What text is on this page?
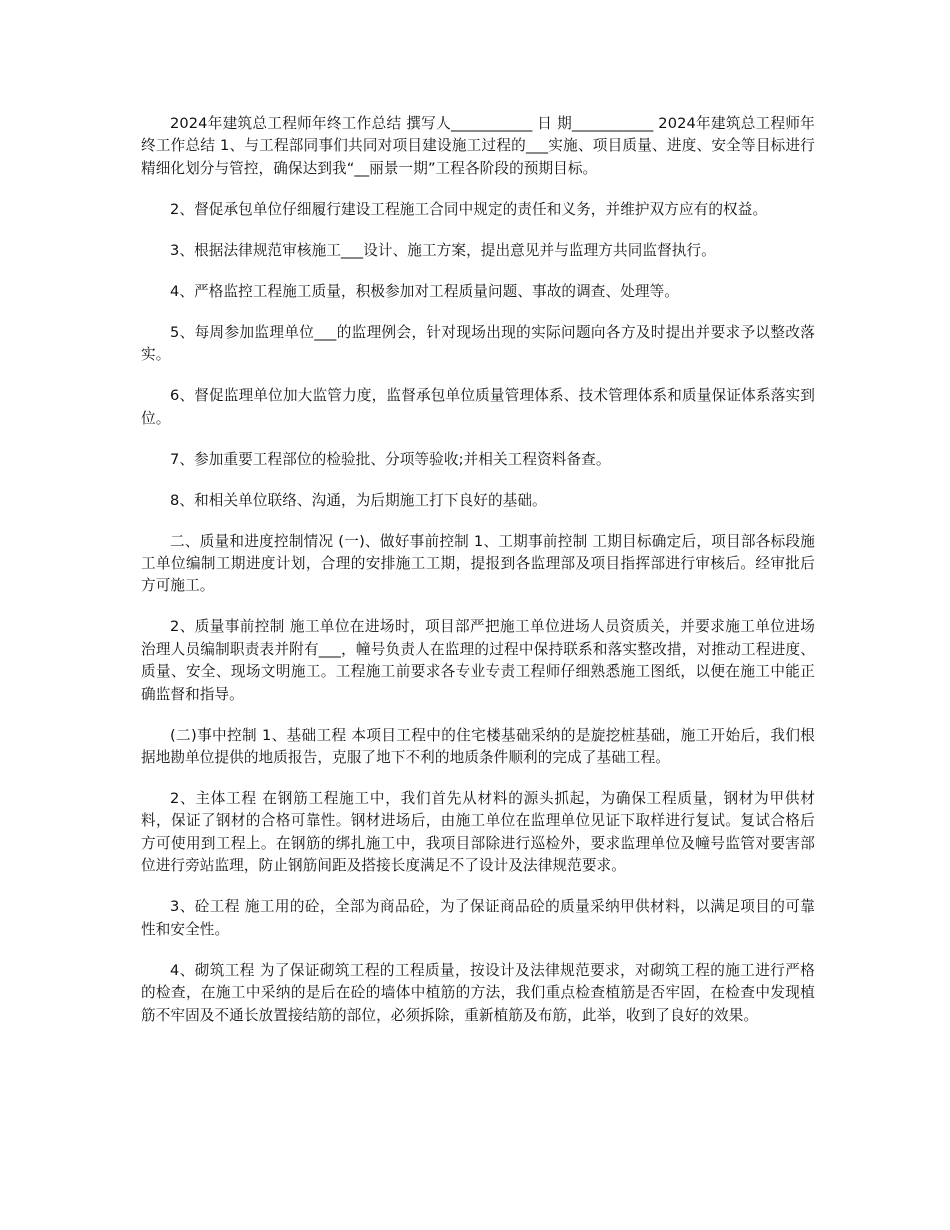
2024年建筑总工程师年终工作总结 撰写人___________ 日 期___________ 2024年建筑总工程师年终工作总结 1、与工程部同事们共同对项目建设施工过程的___实施、项目质量、进度、安全等目标进行精细化划分与管控，确保达到我“__丽景一期”工程各阶段的预期目标。

2、督促承包单位仔细履行建设工程施工合同中规定的责任和义务，并维护双方应有的权益。

3、根据法律规范审核施工___设计、施工方案，提出意见并与监理方共同监督执行。

4、严格监控工程施工质量，积极参加对工程质量问题、事故的调查、处理等。

5、每周参加监理单位___的监理例会，针对现场出现的实际问题向各方及时提出并要求予以整改落实。

6、督促监理单位加大监管力度，监督承包单位质量管理体系、技术管理体系和质量保证体系落实到位。

7、参加重要工程部位的检验批、分项等验收;并相关工程资料备查。

8、和相关单位联络、沟通，为后期施工打下良好的基础。

二、质量和进度控制情况 (一)、做好事前控制 1、工期事前控制 工期目标确定后，项目部各标段施工单位编制工期进度计划，合理的安排施工工期，提报到各监理部及项目指挥部进行审核后。经审批后方可施工。

2、质量事前控制 施工单位在进场时，项目部严把施工单位进场人员资质关，并要求施工单位进场治理人员编制职责表并附有___，幢号负责人在监理的过程中保持联系和落实整改措，对推动工程进度、质量、安全、现场文明施工。工程施工前要求各专业专责工程师仔细熟悉施工图纸，以便在施工中能正确监督和指导。

(二)事中控制 1、基础工程 本项目工程中的住宅楼基础采纳的是旋挖桩基础，施工开始后，我们根据地勘单位提供的地质报告，克服了地下不利的地质条件顺利的完成了基础工程。

2、主体工程 在钢筋工程施工中，我们首先从材料的源头抓起，为确保工程质量，钢材为甲供材料，保证了钢材的合格可靠性。钢材进场后，由施工单位在监理单位见证下取样进行复试。复试合格后方可使用到工程上。在钢筋的绑扎施工中，我项目部除进行巡检外，要求监理单位及幢号监管对要害部位进行旁站监理，防止钢筋间距及搭接长度满足不了设计及法律规范要求。

3、砼工程 施工用的砼，全部为商品砼，为了保证商品砼的质量采纳甲供材料，以满足项目的可靠性和安全性。

4、砌筑工程 为了保证砌筑工程的工程质量，按设计及法律规范要求，对砌筑工程的施工进行严格的检查，在施工中采纳的是后在砼的墙体中植筋的方法，我们重点检查植筋是否牢固，在检查中发现植筋不牢固及不通长放置接结筋的部位，必须拆除，重新植筋及布筋，此举，收到了良好的效果。
